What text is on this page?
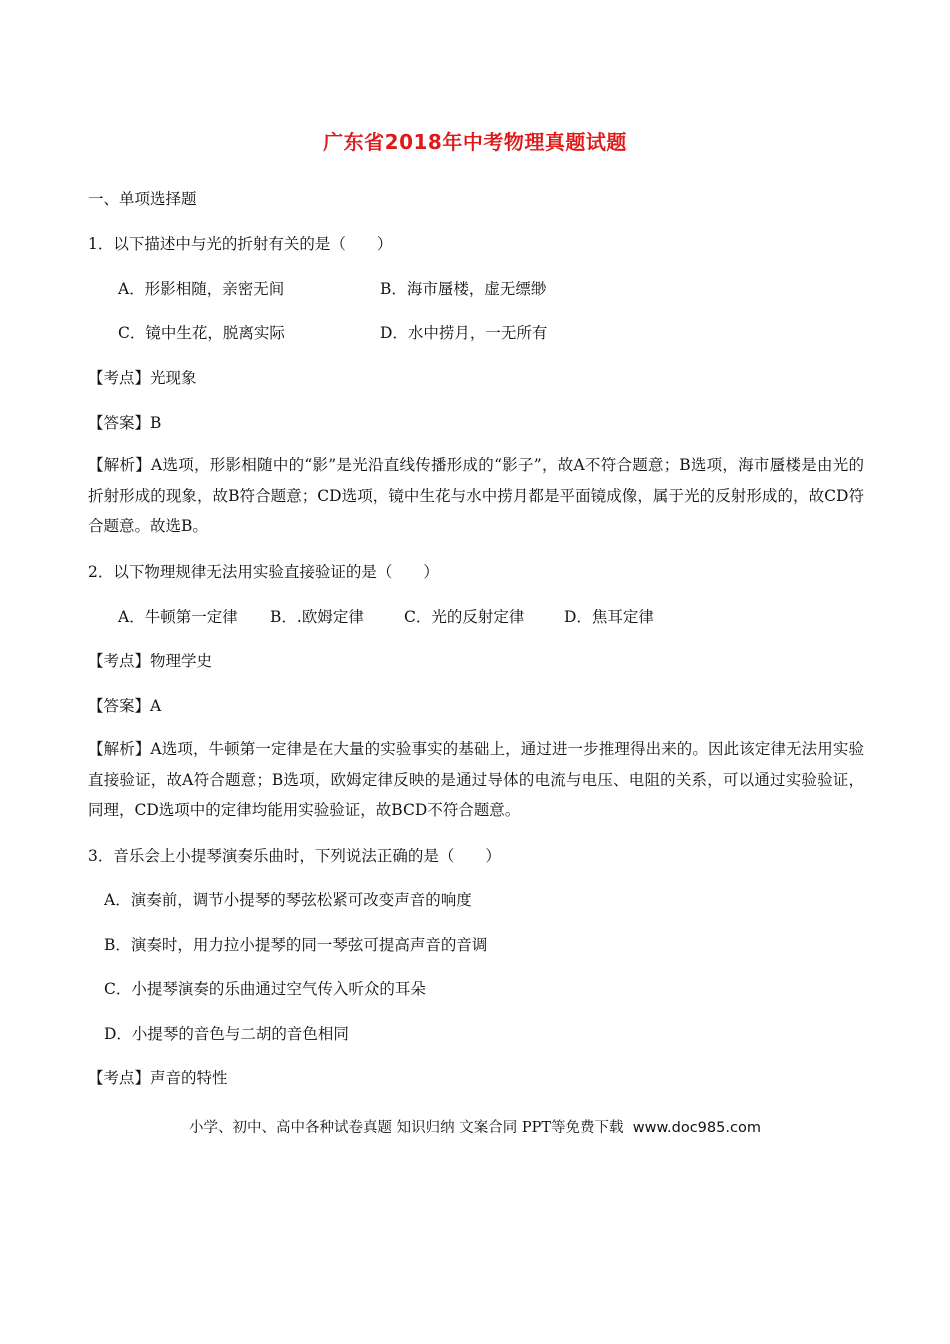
广东省2018年中考物理真题试题
一、单项选择题
1．以下描述中与光的折射有关的是（　　）
A．形影相随，亲密无间	B．海市蜃楼，虚无缥缈
C．镜中生花，脱离实际	D．水中捞月，一无所有
【考点】光现象
【答案】B
【解析】A选项，形影相随中的“影”是光沿直线传播形成的“影子”，故A不符合题意；B选项，海市蜃楼是由光的折射形成的现象，故B符合题意；CD选项，镜中生花与水中捞月都是平面镜成像，属于光的反射形成的，故CD符合题意。故选B。
2．以下物理规律无法用实验直接验证的是（　　）
A．牛顿第一定律 B．.欧姆定律	C．光的反射定律	D．焦耳定律
【考点】物理学史
【答案】A
【解析】A选项，牛顿第一定律是在大量的实验事实的基础上，通过进一步推理得出来的。因此该定律无法用实验直接验证，故A符合题意；B选项，欧姆定律反映的是通过导体的电流与电压、电阻的关系，可以通过实验验证，同理，CD选项中的定律均能用实验验证，故BCD不符合题意。
3．音乐会上小提琴演奏乐曲时，下列说法正确的是（　　）
A．演奏前，调节小提琴的琴弦松紧可改变声音的响度
B．演奏时，用力拉小提琴的同一琴弦可提高声音的音调
C．小提琴演奏的乐曲通过空气传入听众的耳朵
D．小提琴的音色与二胡的音色相同
【考点】声音的特性
小学、初中、高中各种试卷真题 知识归纳 文案合同 PPT等免费下载 www.doc985.com
